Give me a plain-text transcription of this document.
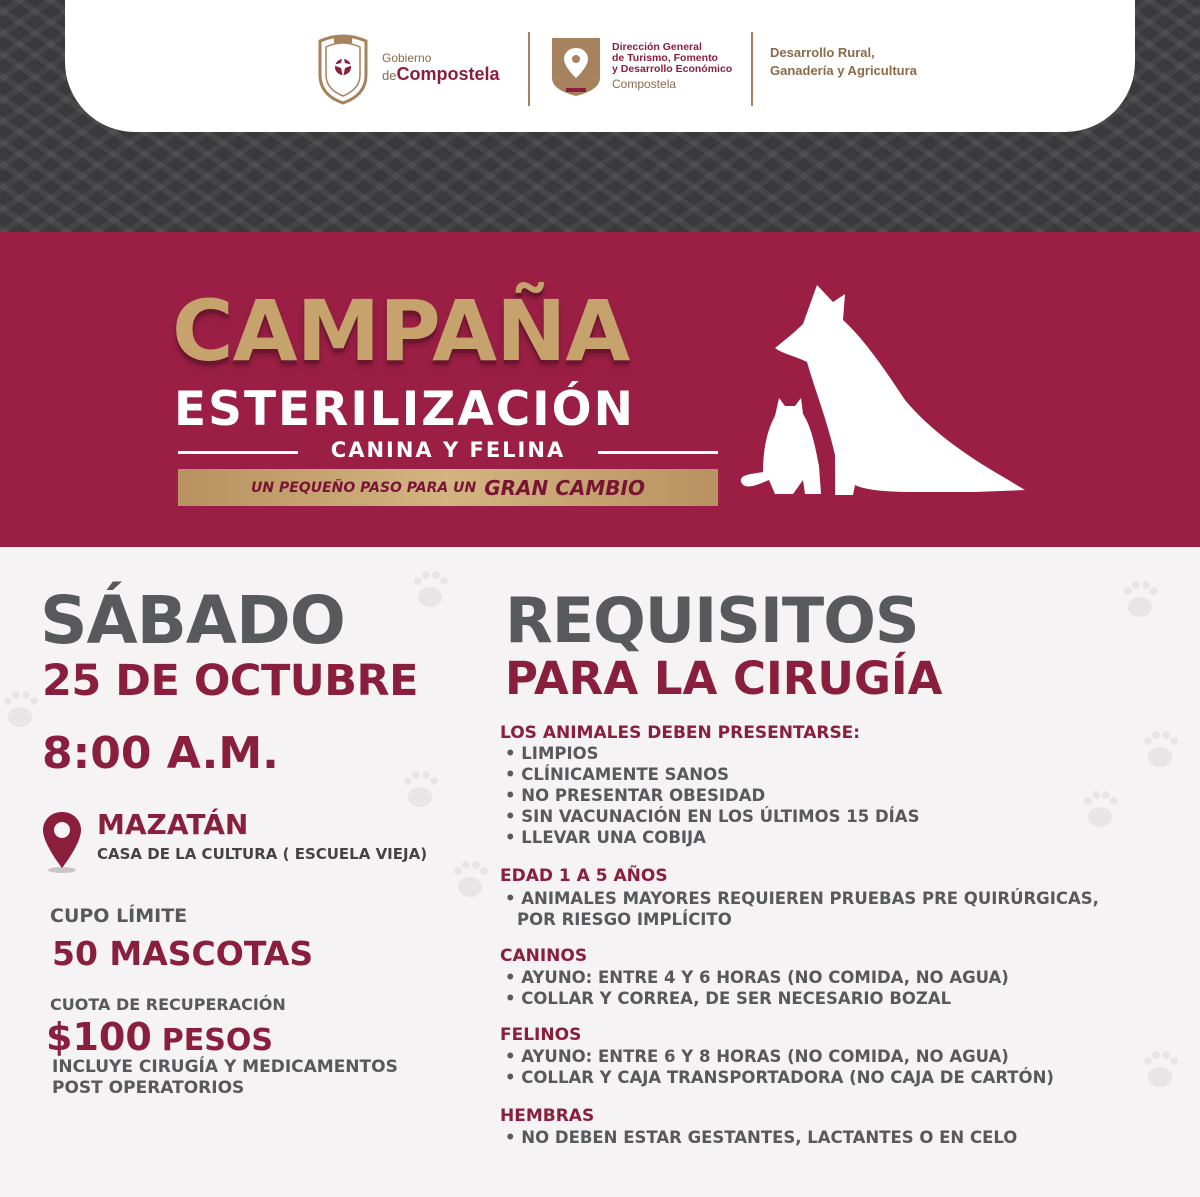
Gobierno
deCompostela
Dirección General
de Turismo, Fomento
y Desarrollo Económico
Compostela
Desarrollo Rural,
Ganadería y Agricultura
CAMPAÑA
ESTERILIZACIÓN
CANINA Y FELINA
UN PEQUEÑO PASO PARA UN GRAN CAMBIO
SÁBADO
25 DE OCTUBRE
8:00 A.M.
MAZATÁN
CASA DE LA CULTURA ( ESCUELA VIEJA)
CUPO LÍMITE
50 MASCOTAS
CUOTA DE RECUPERACIÓN
$100 PESOS
INCLUYE CIRUGÍA Y MEDICAMENTOS
POST OPERATORIOS
REQUISITOS
PARA LA CIRUGÍA
LOS ANIMALES DEBEN PRESENTARSE:
• LIMPIOS
• CLÍNICAMENTE SANOS
• NO PRESENTAR OBESIDAD
• SIN VACUNACIÓN EN LOS ÚLTIMOS 15 DÍAS
• LLEVAR UNA COBIJA
EDAD 1 A 5 AÑOS
• ANIMALES MAYORES REQUIEREN PRUEBAS PRE QUIRÚRGICAS,
POR RIESGO IMPLÍCITO
CANINOS
• AYUNO: ENTRE 4 Y 6 HORAS (NO COMIDA, NO AGUA)
• COLLAR Y CORREA, DE SER NECESARIO BOZAL
FELINOS
• AYUNO: ENTRE 6 Y 8 HORAS (NO COMIDA, NO AGUA)
• COLLAR Y CAJA TRANSPORTADORA (NO CAJA DE CARTÓN)
HEMBRAS
• NO DEBEN ESTAR GESTANTES, LACTANTES O EN CELO
